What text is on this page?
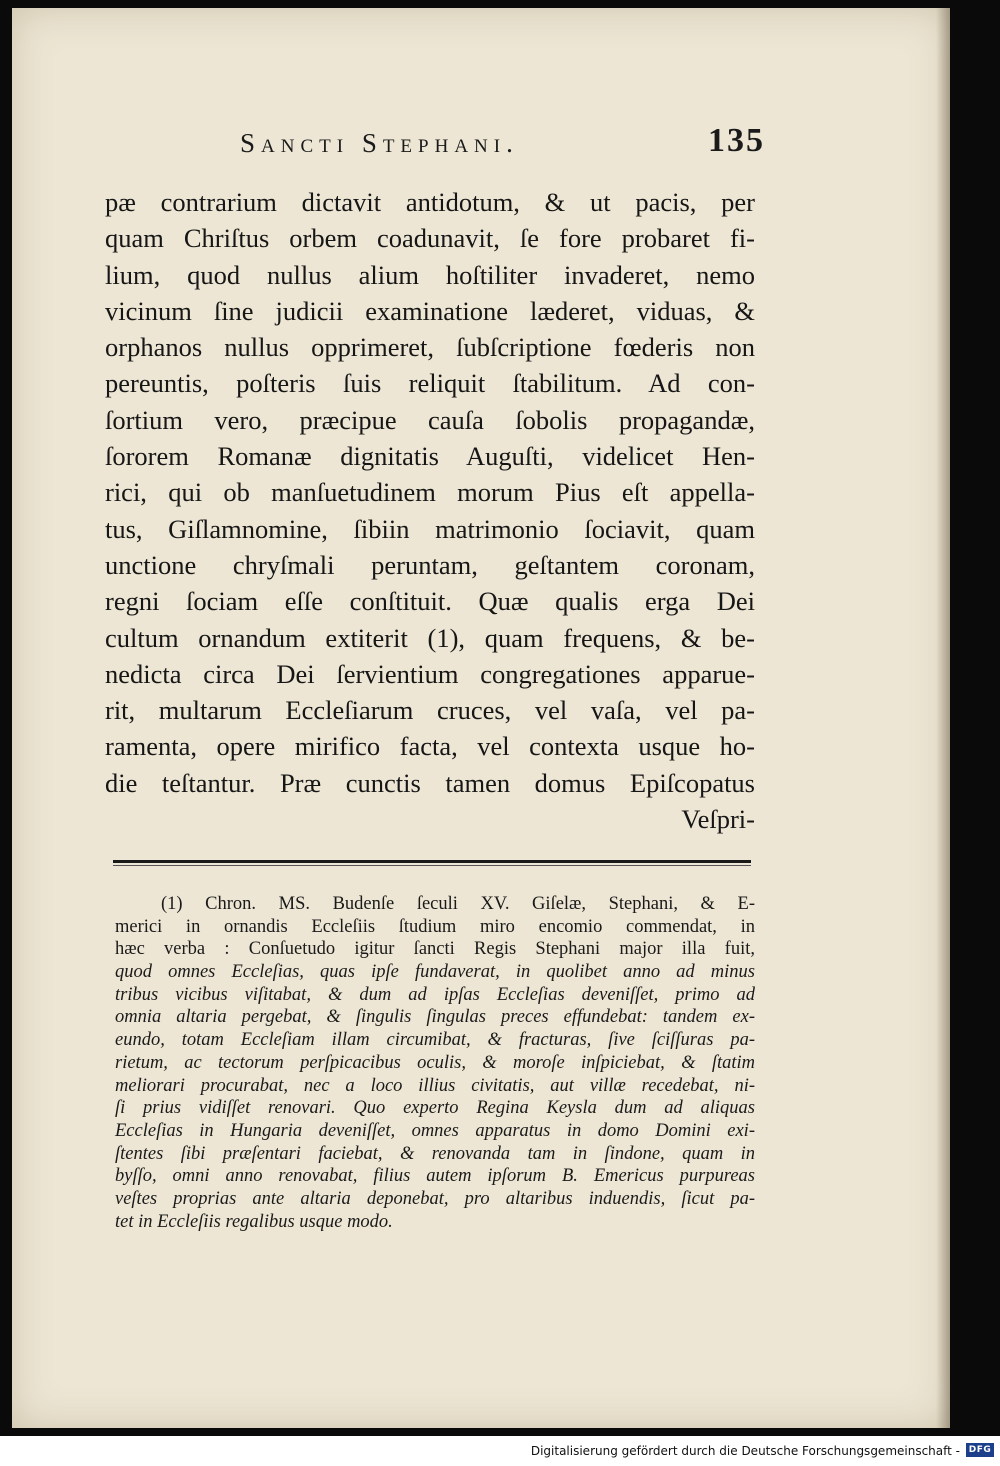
Sancti Stephani.	135
pæ contrarium dictavit antidotum, & ut pacis, per
quam Chriſtus orbem coadunavit, ſe fore probaret fi-
lium, quod nullus alium hoſtiliter invaderet, nemo
vicinum ſine judicii examinatione læderet, viduas, &
orphanos nullus opprimeret, ſubſcriptione fœderis non
pereuntis, poſteris ſuis reliquit ſtabilitum. Ad con-
ſortium vero, præcipue cauſa ſobolis propagandæ,
ſororem Romanæ dignitatis Auguſti, videlicet Hen-
rici, qui ob manſuetudinem morum Pius eſt appella-
tus, Giſlamnomine, ſibiin matrimonio ſociavit, quam
unctione chryſmali peruntam, geſtantem coronam,
regni ſociam eſſe conſtituit. Quæ qualis erga Dei
cultum ornandum extiterit (1), quam frequens, & be-
nedicta circa Dei ſervientium congregationes apparue-
rit, multarum Eccleſiarum cruces, vel vaſa, vel pa-
ramenta, opere mirifico facta, vel contexta usque ho-
die teſtantur. Præ cunctis tamen domus Epiſcopatus
Veſpri-
(1) Chron. MS. Budenſe ſeculi XV. Giſelæ, Stephani, & E-
merici in ornandis Eccleſiis ſtudium miro encomio commendat, in
hæc verba : Conſuetudo igitur ſancti Regis Stephani major illa fuit,
quod omnes Eccleſias, quas ipſe fundaverat, in quolibet anno ad minus
tribus vicibus viſitabat, & dum ad ipſas Eccleſias deveniſſet, primo ad
omnia altaria pergebat, & ſingulis ſingulas preces effundebat: tandem ex-
eundo, totam Eccleſiam illam circumibat, & fracturas, ſive ſciſſuras pa-
rietum, ac tectorum perſpicacibus oculis, & moroſe inſpiciebat, & ſtatim
meliorari procurabat, nec a loco illius civitatis, aut villæ recedebat, ni-
ſi prius vidiſſet renovari. Quo experto Regina Keysla dum ad aliquas
Eccleſias in Hungaria deveniſſet, omnes apparatus in domo Domini exi-
ſtentes ſibi præſentari faciebat, & renovanda tam in ſindone, quam in
byſſo, omni anno renovabat, filius autem ipſorum B. Emericus purpureas
veſtes proprias ante altaria deponebat, pro altaribus induendis, ſicut pa-
tet in Eccleſiis regalibus usque modo.
Digitalisierung gefördert durch die Deutsche Forschungsgemeinschaft - DFG
